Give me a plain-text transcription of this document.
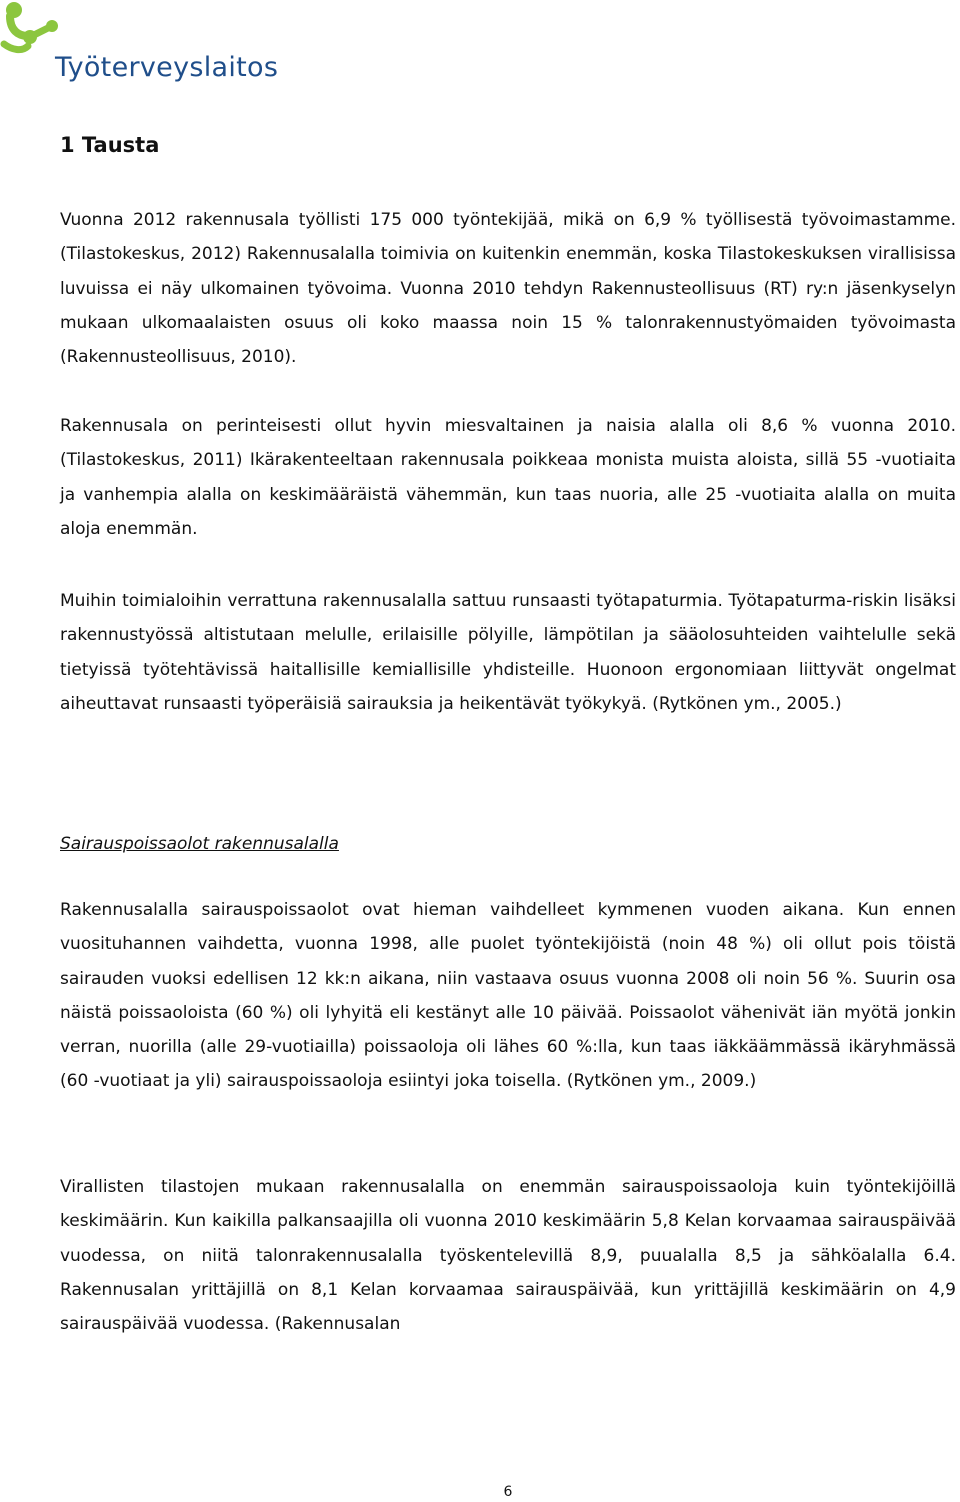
Työterveyslaitos
1 Tausta

Vuonna 2012 rakennusala työllisti 175 000 työntekijää, mikä on 6,9 % työllisestä työvoimastamme. (Tilastokeskus, 2012) Rakennusalalla toimivia on kuitenkin enemmän, koska Tilastokeskuksen virallisissa luvuissa ei näy ulkomainen työvoima. Vuonna 2010 tehdyn Rakennusteollisuus (RT) ry:n jäsenkyselyn mukaan ulkomaalaisten osuus oli koko maassa noin 15 % talonrakennustyömaiden työvoimasta (Rakennusteollisuus, 2010).

Rakennusala on perinteisesti ollut hyvin miesvaltainen ja naisia alalla oli 8,6 % vuonna 2010. (Tilastokeskus, 2011) Ikärakenteeltaan rakennusala poikkeaa monista muista aloista, sillä 55 -vuotiaita ja vanhempia alalla on keskimääräistä vähemmän, kun taas nuoria, alle 25 -vuotiaita alalla on muita aloja enemmän.

Muihin toimialoihin verrattuna rakennusalalla sattuu runsaasti työtapaturmia. Työtapaturma-riskin lisäksi rakennustyössä altistutaan melulle, erilaisille pölyille, lämpötilan ja sääolosuhteiden vaihtelulle sekä tietyissä työtehtävissä haitallisille kemiallisille yhdisteille. Huonoon ergonomiaan liittyvät ongelmat aiheuttavat runsaasti työperäisiä sairauksia ja heikentävät työkykyä. (Rytkönen ym., 2005.)

Sairauspoissaolot rakennusalalla

Rakennusalalla sairauspoissaolot ovat hieman vaihdelleet kymmenen vuoden aikana. Kun ennen vuosituhannen vaihdetta, vuonna 1998, alle puolet työntekijöistä (noin 48 %) oli ollut pois töistä sairauden vuoksi edellisen 12 kk:n aikana, niin vastaava osuus vuonna 2008 oli noin 56 %. Suurin osa näistä poissaoloista (60 %) oli lyhyitä eli kestänyt alle 10 päivää. Poissaolot vähenivät iän myötä jonkin verran, nuorilla (alle 29-vuotiailla) poissaoloja oli lähes 60 %:lla, kun taas iäkkäämmässä ikäryhmässä (60 -vuotiaat ja yli) sairauspoissaoloja esiintyi joka toisella. (Rytkönen ym., 2009.)

Virallisten tilastojen mukaan rakennusalalla on enemmän sairauspoissaoloja kuin työntekijöillä keskimäärin. Kun kaikilla palkansaajilla oli vuonna 2010 keskimäärin 5,8 Kelan korvaamaa sairauspäivää vuodessa, on niitä talonrakennusalalla työskentelevillä 8,9, puualalla 8,5 ja sähköalalla 6.4. Rakennusalan yrittäjillä on 8,1 Kelan korvaamaa sairauspäivää, kun yrittäjillä keskimäärin on 4,9 sairauspäivää vuodessa. (Rakennusalan

6
